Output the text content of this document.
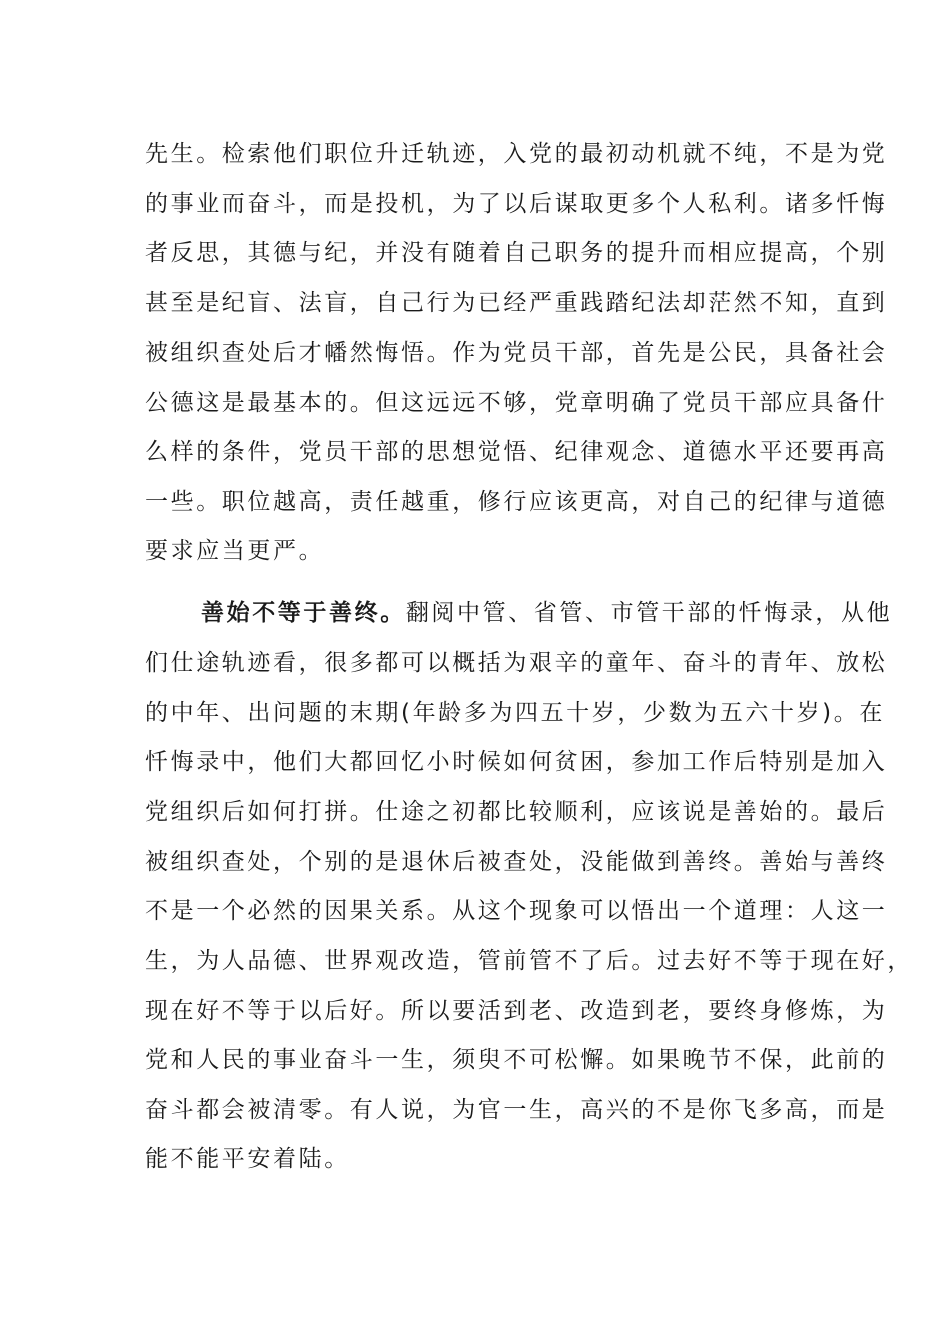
先生。检索他们职位升迁轨迹，入党的最初动机就不纯，不是为党
的事业而奋斗，而是投机，为了以后谋取更多个人私利。诸多忏悔
者反思，其德与纪，并没有随着自己职务的提升而相应提高，个别
甚至是纪盲、法盲，自己行为已经严重践踏纪法却茫然不知，直到
被组织查处后才幡然悔悟。作为党员干部，首先是公民，具备社会
公德这是最基本的。但这远远不够，党章明确了党员干部应具备什
么样的条件，党员干部的思想觉悟、纪律观念、道德水平还要再高
一些。职位越高，责任越重，修行应该更高，对自己的纪律与道德
要求应当更严。
善始不等于善终。翻阅中管、省管、市管干部的忏悔录，从他
们仕途轨迹看，很多都可以概括为艰辛的童年、奋斗的青年、放松
的中年、出问题的末期(年龄多为四五十岁，少数为五六十岁)。在
忏悔录中，他们大都回忆小时候如何贫困，参加工作后特别是加入
党组织后如何打拼。仕途之初都比较顺利，应该说是善始的。最后
被组织查处，个别的是退休后被查处，没能做到善终。善始与善终
不是一个必然的因果关系。从这个现象可以悟出一个道理：人这一
生，为人品德、世界观改造，管前管不了后。过去好不等于现在好，
现在好不等于以后好。所以要活到老、改造到老，要终身修炼，为
党和人民的事业奋斗一生，须臾不可松懈。如果晚节不保，此前的
奋斗都会被清零。有人说，为官一生，高兴的不是你飞多高，而是
能不能平安着陆。
